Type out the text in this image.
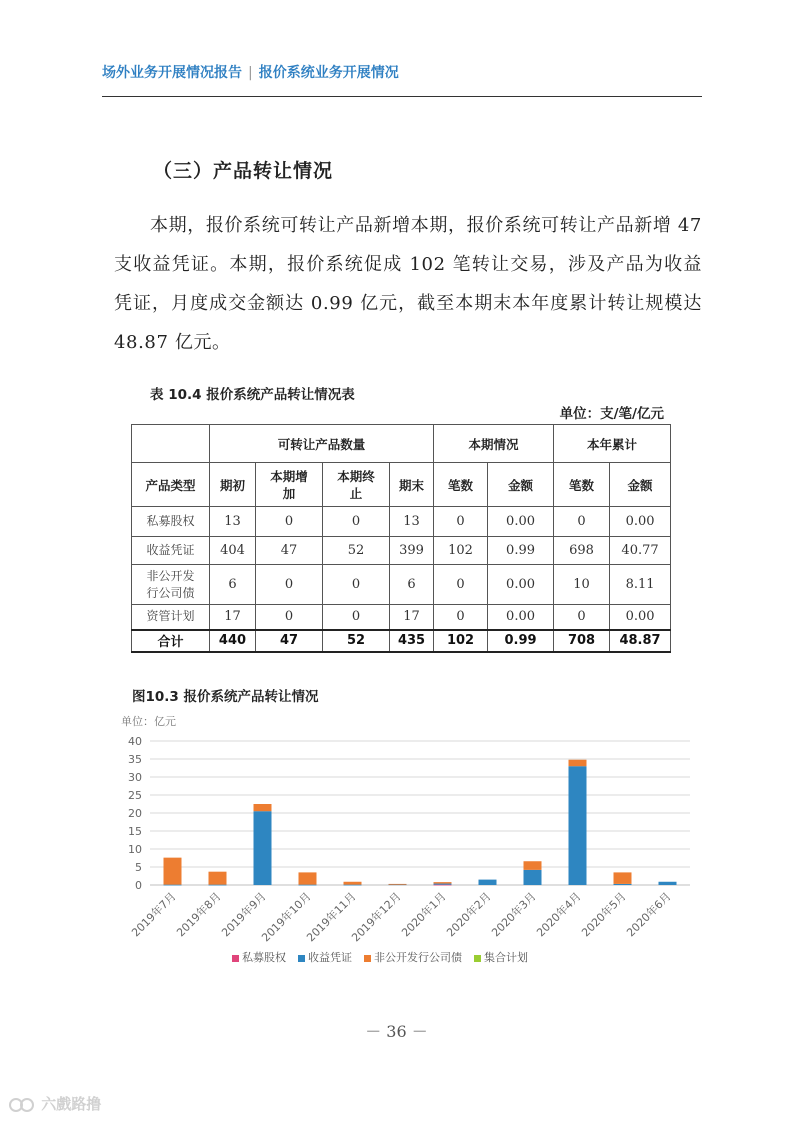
场外业务开展情况报告 | 报价系统业务开展情况
（三）产品转让情况
本期，报价系统可转让产品新增本期，报价系统可转让产品新增 47 支收益凭证。本期，报价系统促成 102 笔转让交易，涉及产品为收益凭证，月度成交金额达 0.99 亿元，截至本期末本年度累计转让规模达 48.87 亿元。
表 10.4 报价系统产品转让情况表
单位：支/笔/亿元
	可转让产品数量				本期情况		本年累计	
产品类型	期初	本期增加	本期终止	期末	笔数	金额	笔数	金额
私募股权	13	0	0	13	0	0.00	0	0.00
收益凭证	404	47	52	399	102	0.99	698	40.77
非公开发行公司债	6	0	0	6	0	0.00	10	8.11
资管计划	17	0	0	17	0	0.00	0	0.00
合计	440	47	52	435	102	0.99	708	48.87
图10.3 报价系统产品转让情况
单位：亿元
0
5
10
15
20
25
30
35
40
2019年7月
2019年8月
2019年9月
2019年10月
2019年11月
2019年12月
2020年1月
2020年2月
2020年3月
2020年4月
2020年5月
2020年6月
私募股权 收益凭证 非公开发行公司债 集合计划
－ 36 －
六戲路撸
